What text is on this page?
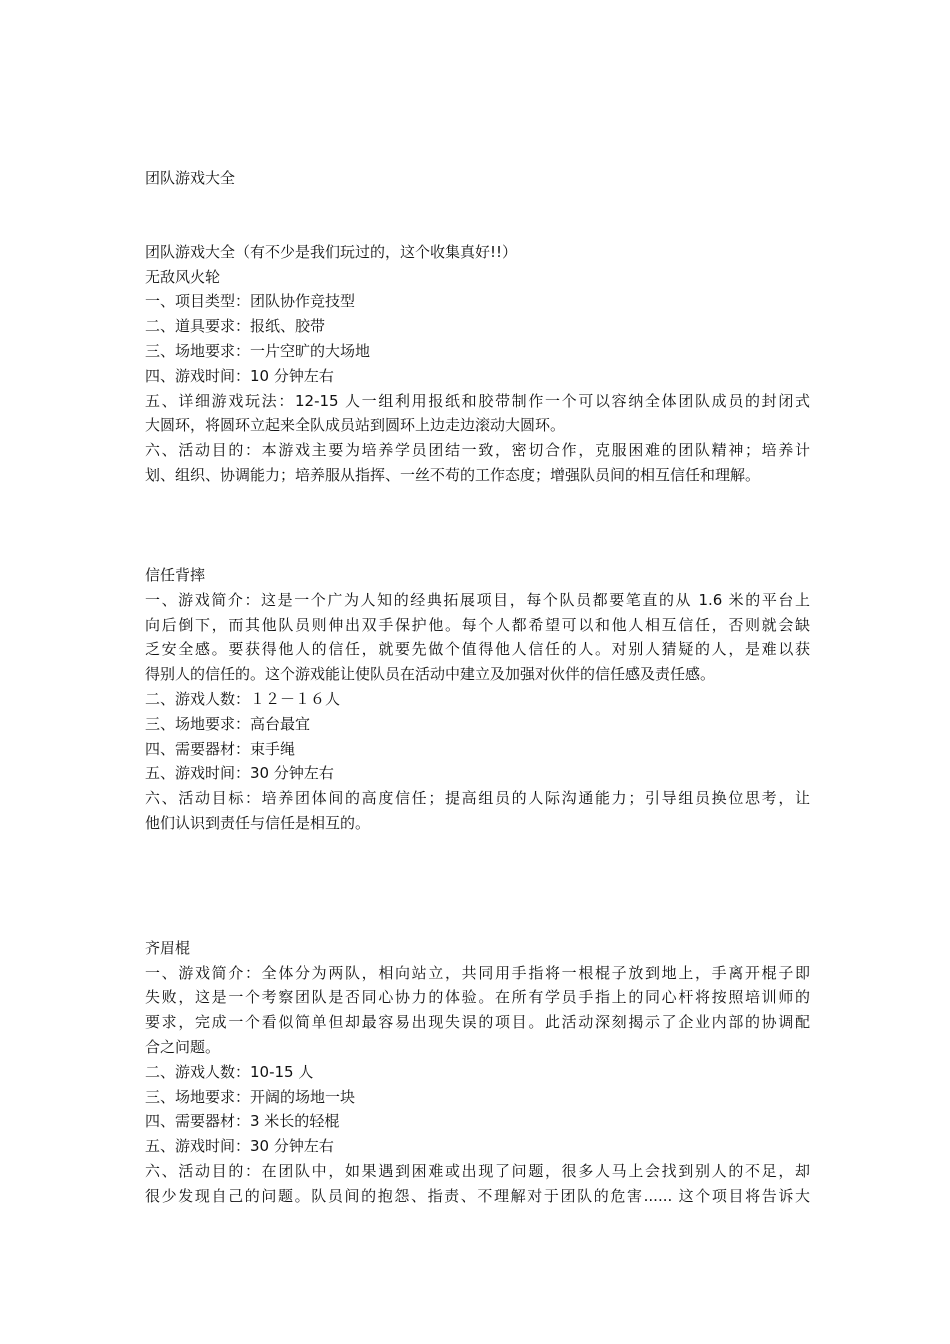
团队游戏大全
团队游戏大全（有不少是我们玩过的，这个收集真好!!）
无敌风火轮
一、项目类型：团队协作竞技型
二、道具要求：报纸、胶带
三、场地要求：一片空旷的大场地
四、游戏时间：10 分钟左右
五、详细游戏玩法：12-15 人一组利用报纸和胶带制作一个可以容纳全体团队成员的封闭式
大圆环，将圆环立起来全队成员站到圆环上边走边滚动大圆环。
六、活动目的：本游戏主要为培养学员团结一致，密切合作，克服困难的团队精神；培养计
划、组织、协调能力；培养服从指挥、一丝不苟的工作态度；增强队员间的相互信任和理解。
信任背摔
一、游戏简介：这是一个广为人知的经典拓展项目，每个队员都要笔直的从 1.6 米的平台上
向后倒下，而其他队员则伸出双手保护他。每个人都希望可以和他人相互信任，否则就会缺
乏安全感。要获得他人的信任，就要先做个值得他人信任的人。对别人猜疑的人，是难以获
得别人的信任的。这个游戏能让使队员在活动中建立及加强对伙伴的信任感及责任感。
二、游戏人数：１２－１６人
三、场地要求：高台最宜
四、需要器材：束手绳
五、游戏时间：30 分钟左右
六、活动目标：培养团体间的高度信任；提高组员的人际沟通能力；引导组员换位思考，让
他们认识到责任与信任是相互的。
齐眉棍
一、游戏简介：全体分为两队，相向站立，共同用手指将一根棍子放到地上，手离开棍子即
失败，这是一个考察团队是否同心协力的体验。在所有学员手指上的同心杆将按照培训师的
要求，完成一个看似简单但却最容易出现失误的项目。此活动深刻揭示了企业内部的协调配
合之问题。
二、游戏人数：10-15 人
三、场地要求：开阔的场地一块
四、需要器材：3 米长的轻棍
五、游戏时间：30 分钟左右
六、活动目的：在团队中，如果遇到困难或出现了问题，很多人马上会找到别人的不足，却
很少发现自己的问题。队员间的抱怨、指责、不理解对于团队的危害...... 这个项目将告诉大
